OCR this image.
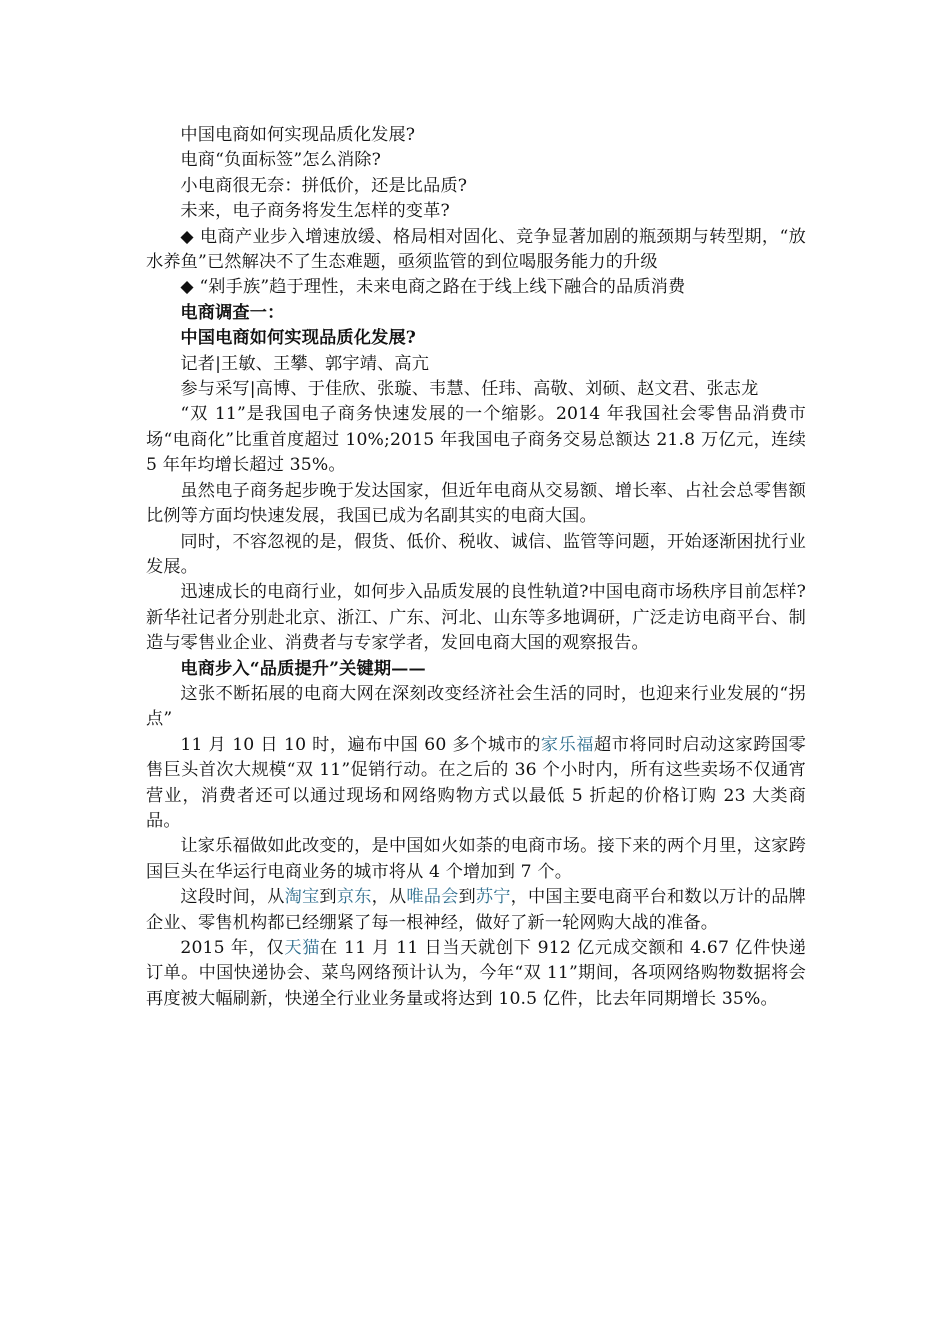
中国电商如何实现品质化发展?

电商“负面标签”怎么消除?

小电商很无奈：拼低价，还是比品质?

未来，电子商务将发生怎样的变革?

◆ 电商产业步入增速放缓、格局相对固化、竞争显著加剧的瓶颈期与转型期，“放水养鱼”已然解决不了生态难题，亟须监管的到位喝服务能力的升级

◆ “剁手族”趋于理性，未来电商之路在于线上线下融合的品质消费

电商调查一：

中国电商如何实现品质化发展?

记者|王敏、王攀、郭宇靖、高亢

参与采写|高博、于佳欣、张璇、韦慧、任玮、高敬、刘硕、赵文君、张志龙

“双 11”是我国电子商务快速发展的一个缩影。2014 年我国社会零售品消费市场“电商化”比重首度超过 10%;2015 年我国电子商务交易总额达 21.8 万亿元，连续 5 年年均增长超过 35%。

虽然电子商务起步晚于发达国家，但近年电商从交易额、增长率、占社会总零售额比例等方面均快速发展，我国已成为名副其实的电商大国。

同时，不容忽视的是，假货、低价、税收、诚信、监管等问题，开始逐渐困扰行业发展。

迅速成长的电商行业，如何步入品质发展的良性轨道?中国电商市场秩序目前怎样?新华社记者分别赴北京、浙江、广东、河北、山东等多地调研，广泛走访电商平台、制造与零售业企业、消费者与专家学者，发回电商大国的观察报告。

电商步入“品质提升”关键期——

这张不断拓展的电商大网在深刻改变经济社会生活的同时，也迎来行业发展的“拐点”

11 月 10 日 10 时，遍布中国 60 多个城市的家乐福超市将同时启动这家跨国零售巨头首次大规模“双 11”促销行动。在之后的 36 个小时内，所有这些卖场不仅通宵营业，消费者还可以通过现场和网络购物方式以最低 5 折起的价格订购 23 大类商品。

让家乐福做如此改变的，是中国如火如荼的电商市场。接下来的两个月里，这家跨国巨头在华运行电商业务的城市将从 4 个增加到 7 个。

这段时间，从淘宝到京东，从唯品会到苏宁，中国主要电商平台和数以万计的品牌企业、零售机构都已经绷紧了每一根神经，做好了新一轮网购大战的准备。

2015 年，仅天猫在 11 月 11 日当天就创下 912 亿元成交额和 4.67 亿件快递订单。中国快递协会、菜鸟网络预计认为，今年“双 11”期间，各项网络购物数据将会再度被大幅刷新，快递全行业业务量或将达到 10.5 亿件，比去年同期增长 35%。
